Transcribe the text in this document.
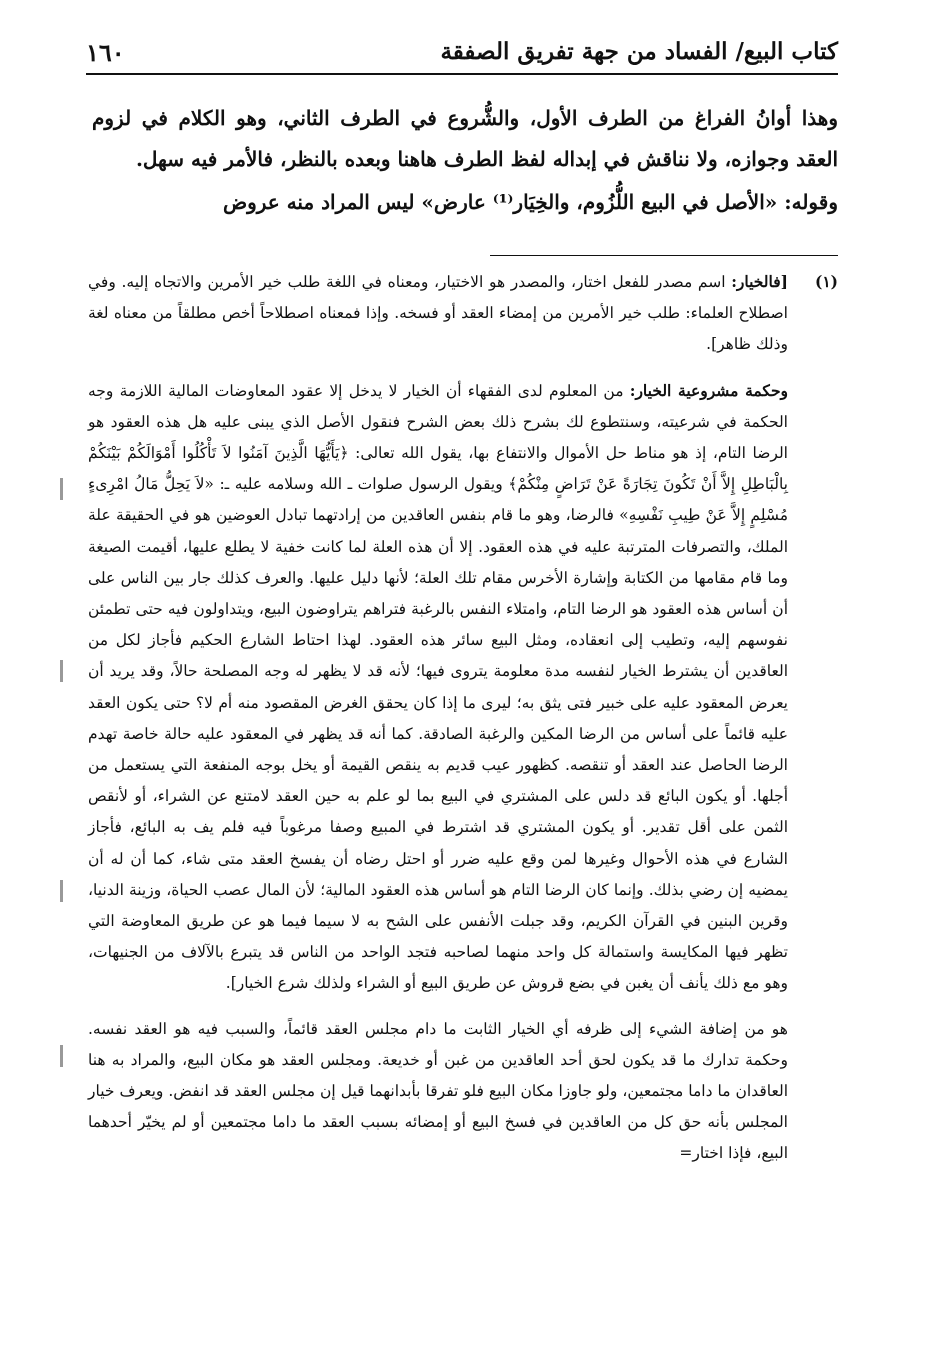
كتاب البيع/ الفساد من جهة تفريق الصفقة
١٦٠

وهذا أوانُ الفراغ من الطرف الأول، والشُّروع في الطرف الثاني، وهو الكلام في لزوم العقد وجوازه، ولا نناقش في إبداله لفظ الطرف هاهنا وبعده بالنظر، فالأمر فيه سهل.

وقوله: «الأصل في البيع اللُّزُوم، والخِيَار⁽¹⁾ عارض» ليس المراد منه عروض

(١)

[فالخيار: اسم مصدر للفعل اختار، والمصدر هو الاختيار، ومعناه في اللغة طلب خير الأمرين والاتجاه إليه. وفي اصطلاح العلماء: طلب خير الأمرين من إمضاء العقد أو فسخه. وإذا فمعناه اصطلاحاً أخص مطلقاً من معناه لغة وذلك ظاهر].

وحكمة مشروعية الخيار: من المعلوم لدى الفقهاء أن الخيار لا يدخل إلا عقود المعاوضات المالية اللازمة وجه الحكمة في شرعيته، وسنتطوع لك بشرح ذلك بعض الشرح فنقول الأصل الذي يبنى عليه هل هذه العقود هو الرضا التام، إذ هو مناط حل الأموال والانتفاع بها، يقول الله تعالى: ﴿يَأَيُّهَا الَّذِينَ آمَنُوا لاَ تَأْكُلُوا أَمْوَالَكُمْ بَيْنَكُمْ بِالْبَاطِلِ إِلاَّ أَنْ تَكُونَ تِجَارَةً عَنْ تَرَاضٍ مِنْكُمْ﴾ ويقول الرسول صلوات ـ الله وسلامه عليه ـ: «لاَ يَحِلُّ مَالُ امْرِىءٍ مُسْلِمٍ إِلاَّ عَنْ طِيبِ نَفْسِهِ» فالرضا، وهو ما قام بنفس العاقدين من إرادتهما تبادل العوضين هو في الحقيقة علة الملك، والتصرفات المترتبة عليه في هذه العقود. إلا أن هذه العلة لما كانت خفية لا يطلع عليها، أقيمت الصيغة وما قام مقامها من الكتابة وإشارة الأخرس مقام تلك العلة؛ لأنها دليل عليها. والعرف كذلك جار بين الناس على أن أساس هذه العقود هو الرضا التام، وامتلاء النفس بالرغبة فتراهم يتراوضون البيع، ويتداولون فيه حتى تطمئن نفوسهم إليه، وتطيب إلى انعقاده، ومثل البيع سائر هذه العقود. لهذا احتاط الشارع الحكيم فأجاز لكل من العاقدين أن يشترط الخيار لنفسه مدة معلومة يتروى فيها؛ لأنه قد لا يظهر له وجه المصلحة حالاً، وقد يريد أن يعرض المعقود عليه على خبير فتى يثق به؛ ليرى ما إذا كان يحقق الغرض المقصود منه أم لا؟ حتى يكون العقد عليه قائماً على أساس من الرضا المكين والرغبة الصادقة. كما أنه قد يظهر في المعقود عليه حالة خاصة تهدم الرضا الحاصل عند العقد أو تنقصه. كظهور عيب قديم به ينقص القيمة أو يخل بوجه المنفعة التي يستعمل من أجلها. أو يكون البائع قد دلس على المشتري في البيع بما لو علم به حين العقد لامتنع عن الشراء، أو لأنقص الثمن على أقل تقدير. أو يكون المشتري قد اشترط في المبيع وصفا مرغوباً فيه فلم يف به البائع، فأجاز الشارع في هذه الأحوال وغيرها لمن وقع عليه ضرر أو احتل رضاه أن يفسخ العقد متى شاء، كما أن له أن يمضيه إن رضي بذلك. وإنما كان الرضا التام هو أساس هذه العقود المالية؛ لأن المال عصب الحياة، وزينة الدنيا، وقرين البنين في القرآن الكريم، وقد جبلت الأنفس على الشح به لا سيما فيما هو عن طريق المعاوضة التي تظهر فيها المكايسة واستمالة كل واحد منهما لصاحبه فتجد الواحد من الناس قد يتبرع بالآلاف من الجنيهات، وهو مع ذلك يأنف أن يغبن في بضع قروش عن طريق البيع أو الشراء ولذلك شرع الخيار].

هو من إضافة الشيء إلى ظرفه أي الخيار الثابت ما دام مجلس العقد قائماً، والسبب فيه هو العقد نفسه. وحكمة تدارك ما قد يكون لحق أحد العاقدين من غبن أو خديعة. ومجلس العقد هو مكان البيع، والمراد به هنا العاقدان ما داما مجتمعين، ولو جاوزا مكان البيع فلو تفرقا بأبدانهما قيل إن مجلس العقد قد انفض. ويعرف خيار المجلس بأنه حق كل من العاقدين في فسخ البيع أو إمضائه بسبب العقد ما داما مجتمعين أو لم يخيّر أحدهما البيع، فإذا اختار=
